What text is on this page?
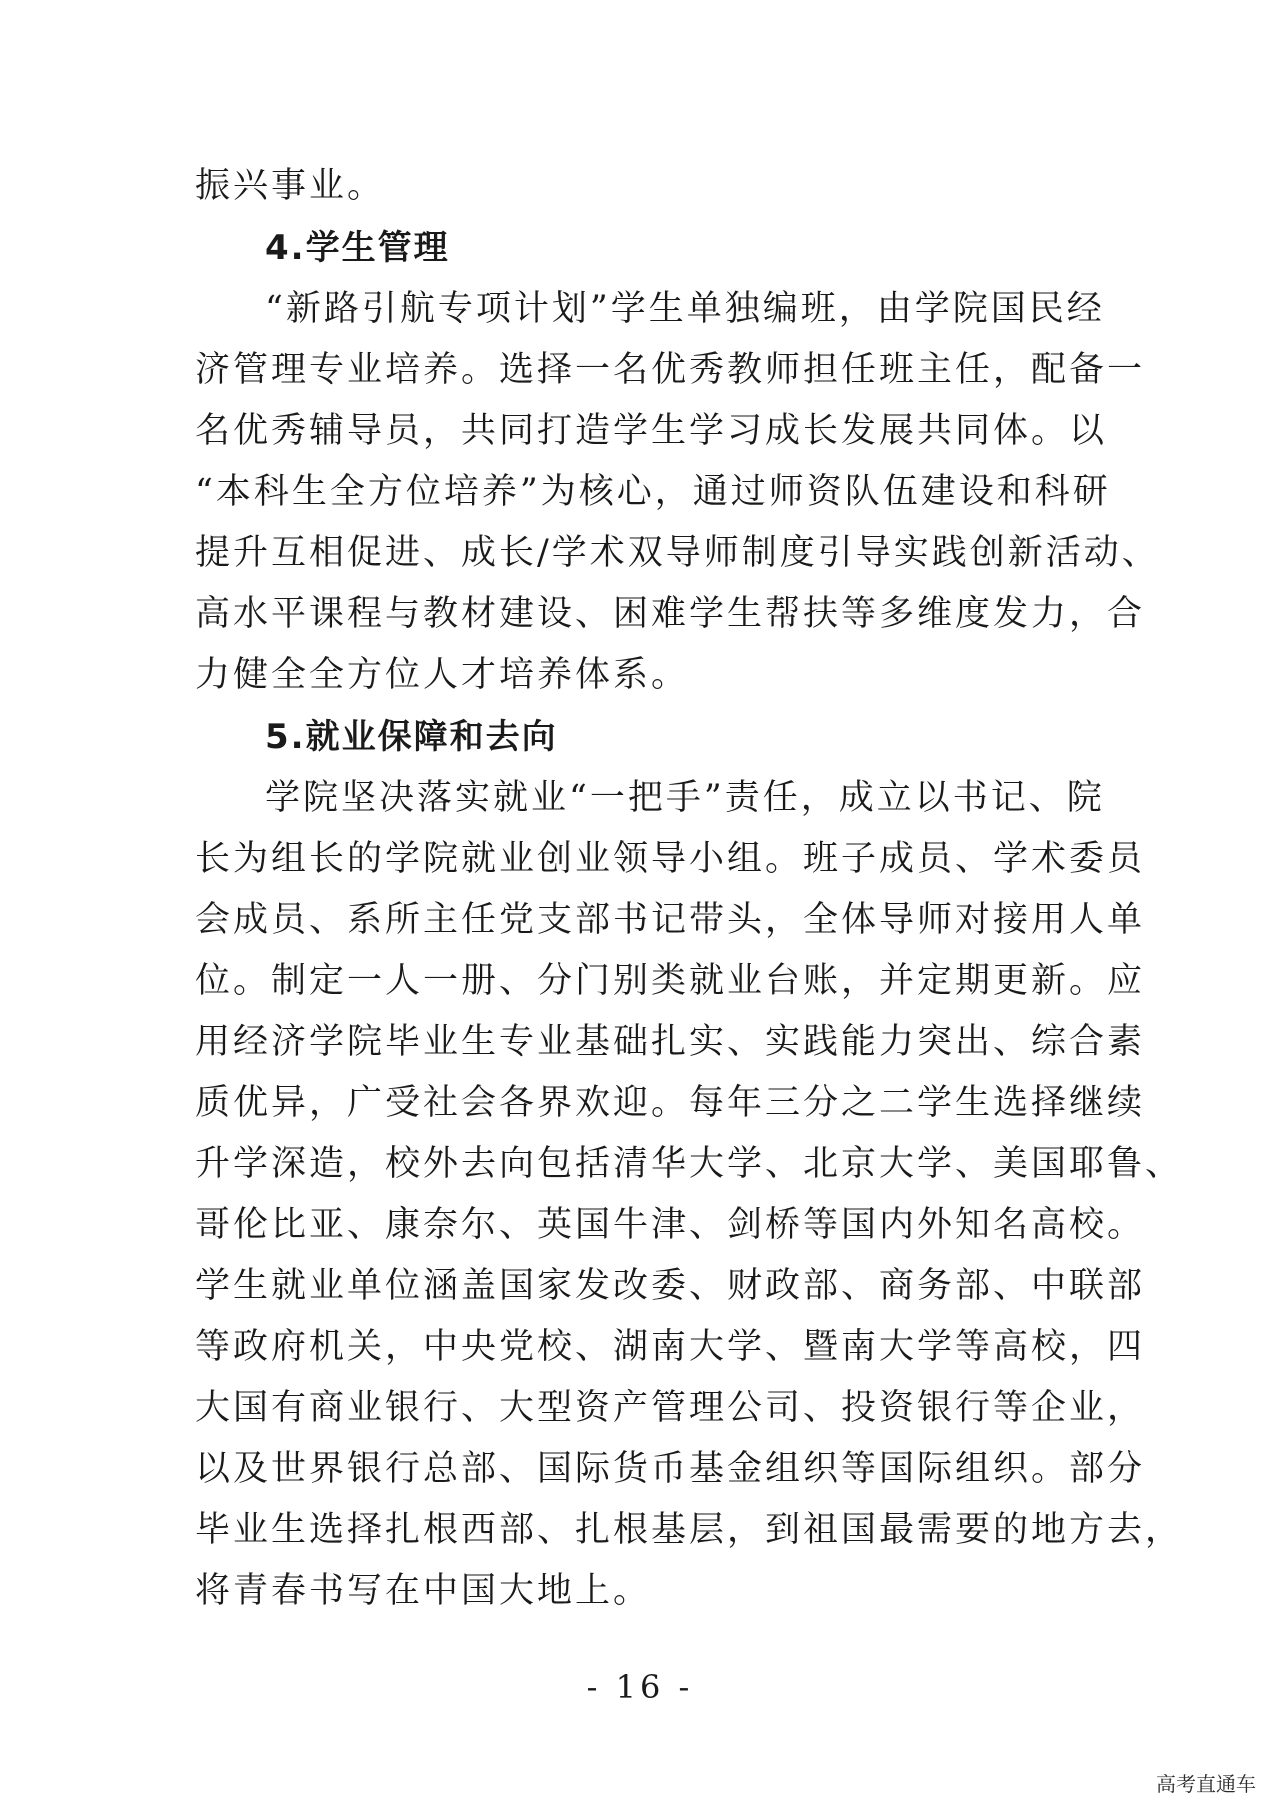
振兴事业。
4.学生管理
“新路引航专项计划”学生单独编班，由学院国民经
济管理专业培养。选择一名优秀教师担任班主任，配备一
名优秀辅导员，共同打造学生学习成长发展共同体。以
“本科生全方位培养”为核心，通过师资队伍建设和科研
提升互相促进、成长/学术双导师制度引导实践创新活动、
高水平课程与教材建设、困难学生帮扶等多维度发力，合
力健全全方位人才培养体系。
5.就业保障和去向
学院坚决落实就业“一把手”责任，成立以书记、院
长为组长的学院就业创业领导小组。班子成员、学术委员
会成员、系所主任党支部书记带头，全体导师对接用人单
位。制定一人一册、分门别类就业台账，并定期更新。应
用经济学院毕业生专业基础扎实、实践能力突出、综合素
质优异，广受社会各界欢迎。每年三分之二学生选择继续
升学深造，校外去向包括清华大学、北京大学、美国耶鲁、
哥伦比亚、康奈尔、英国牛津、剑桥等国内外知名高校。
学生就业单位涵盖国家发改委、财政部、商务部、中联部
等政府机关，中央党校、湖南大学、暨南大学等高校，四
大国有商业银行、大型资产管理公司、投资银行等企业，
以及世界银行总部、国际货币基金组织等国际组织。部分
毕业生选择扎根西部、扎根基层，到祖国最需要的地方去，
将青春书写在中国大地上。
- 16 -
高考直通车
